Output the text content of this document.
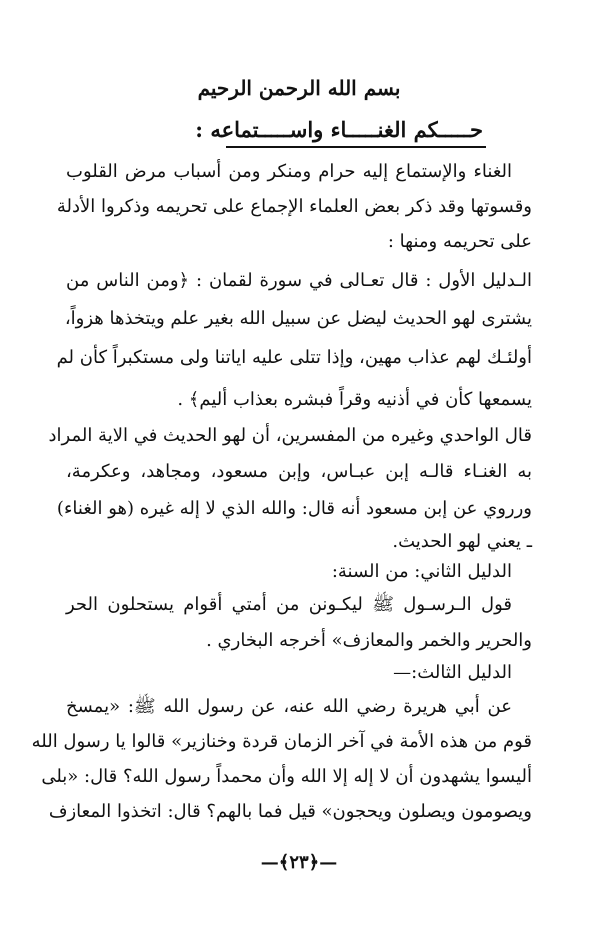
بسم الله الرحمن الرحيم
حـــــكم الغنـــــاء واســـــتماعه :
الغناء والإستماع إليه حرام ومنكر ومن أسباب مرض القلوب
وقسوتها وقد ذكر بعض العلماء الإجماع على تحريمه وذكروا الأدلة
على تحريمه ومنها :
الـدليل الأول : قال تعـالى في سورة لقمان : ﴿ومن الناس من
يشترى لهو الحديث ليضل عن سبيل الله بغير علم ويتخذها هزواً،
أولئـك لهم عذاب مهين، وإذا تتلى عليه اياتنا ولى مستكبراً كأن لم
يسمعها كأن في أذنيه وقراً فبشره بعذاب أليم﴾ .
قال الواحدي وغيره من المفسرين، أن لهو الحديث في الاية المراد
به الغنـاء قالـه إبن عبـاس، وإبن مسعود، ومجاهد، وعكرمة،
ورروي عن إبن مسعود أنه قال: والله الذي لا إله غيره (هو الغناء)
ـ يعني لهو الحديث.
الدليل الثاني: من السنة:
قول الـرسـول ﷺ ليكـونن من أمتي أقوام يستحلون الحر
والحرير والخمر والمعازف» أخرجه البخاري .
الدليل الثالث:—
عن أبي هريرة رضي الله عنه، عن رسول الله ﷺ: «يمسخ
قوم من هذه الأمة في آخر الزمان قردة وخنازير» قالوا يا رسول الله
أليسوا يشهدون أن لا إله إلا الله وأن محمداً رسول الله؟ قال: «بلى
ويصومون ويصلون ويحجون» قيل فما بالهم؟ قال: اتخذوا المعازف
—﴿٢٣﴾—
